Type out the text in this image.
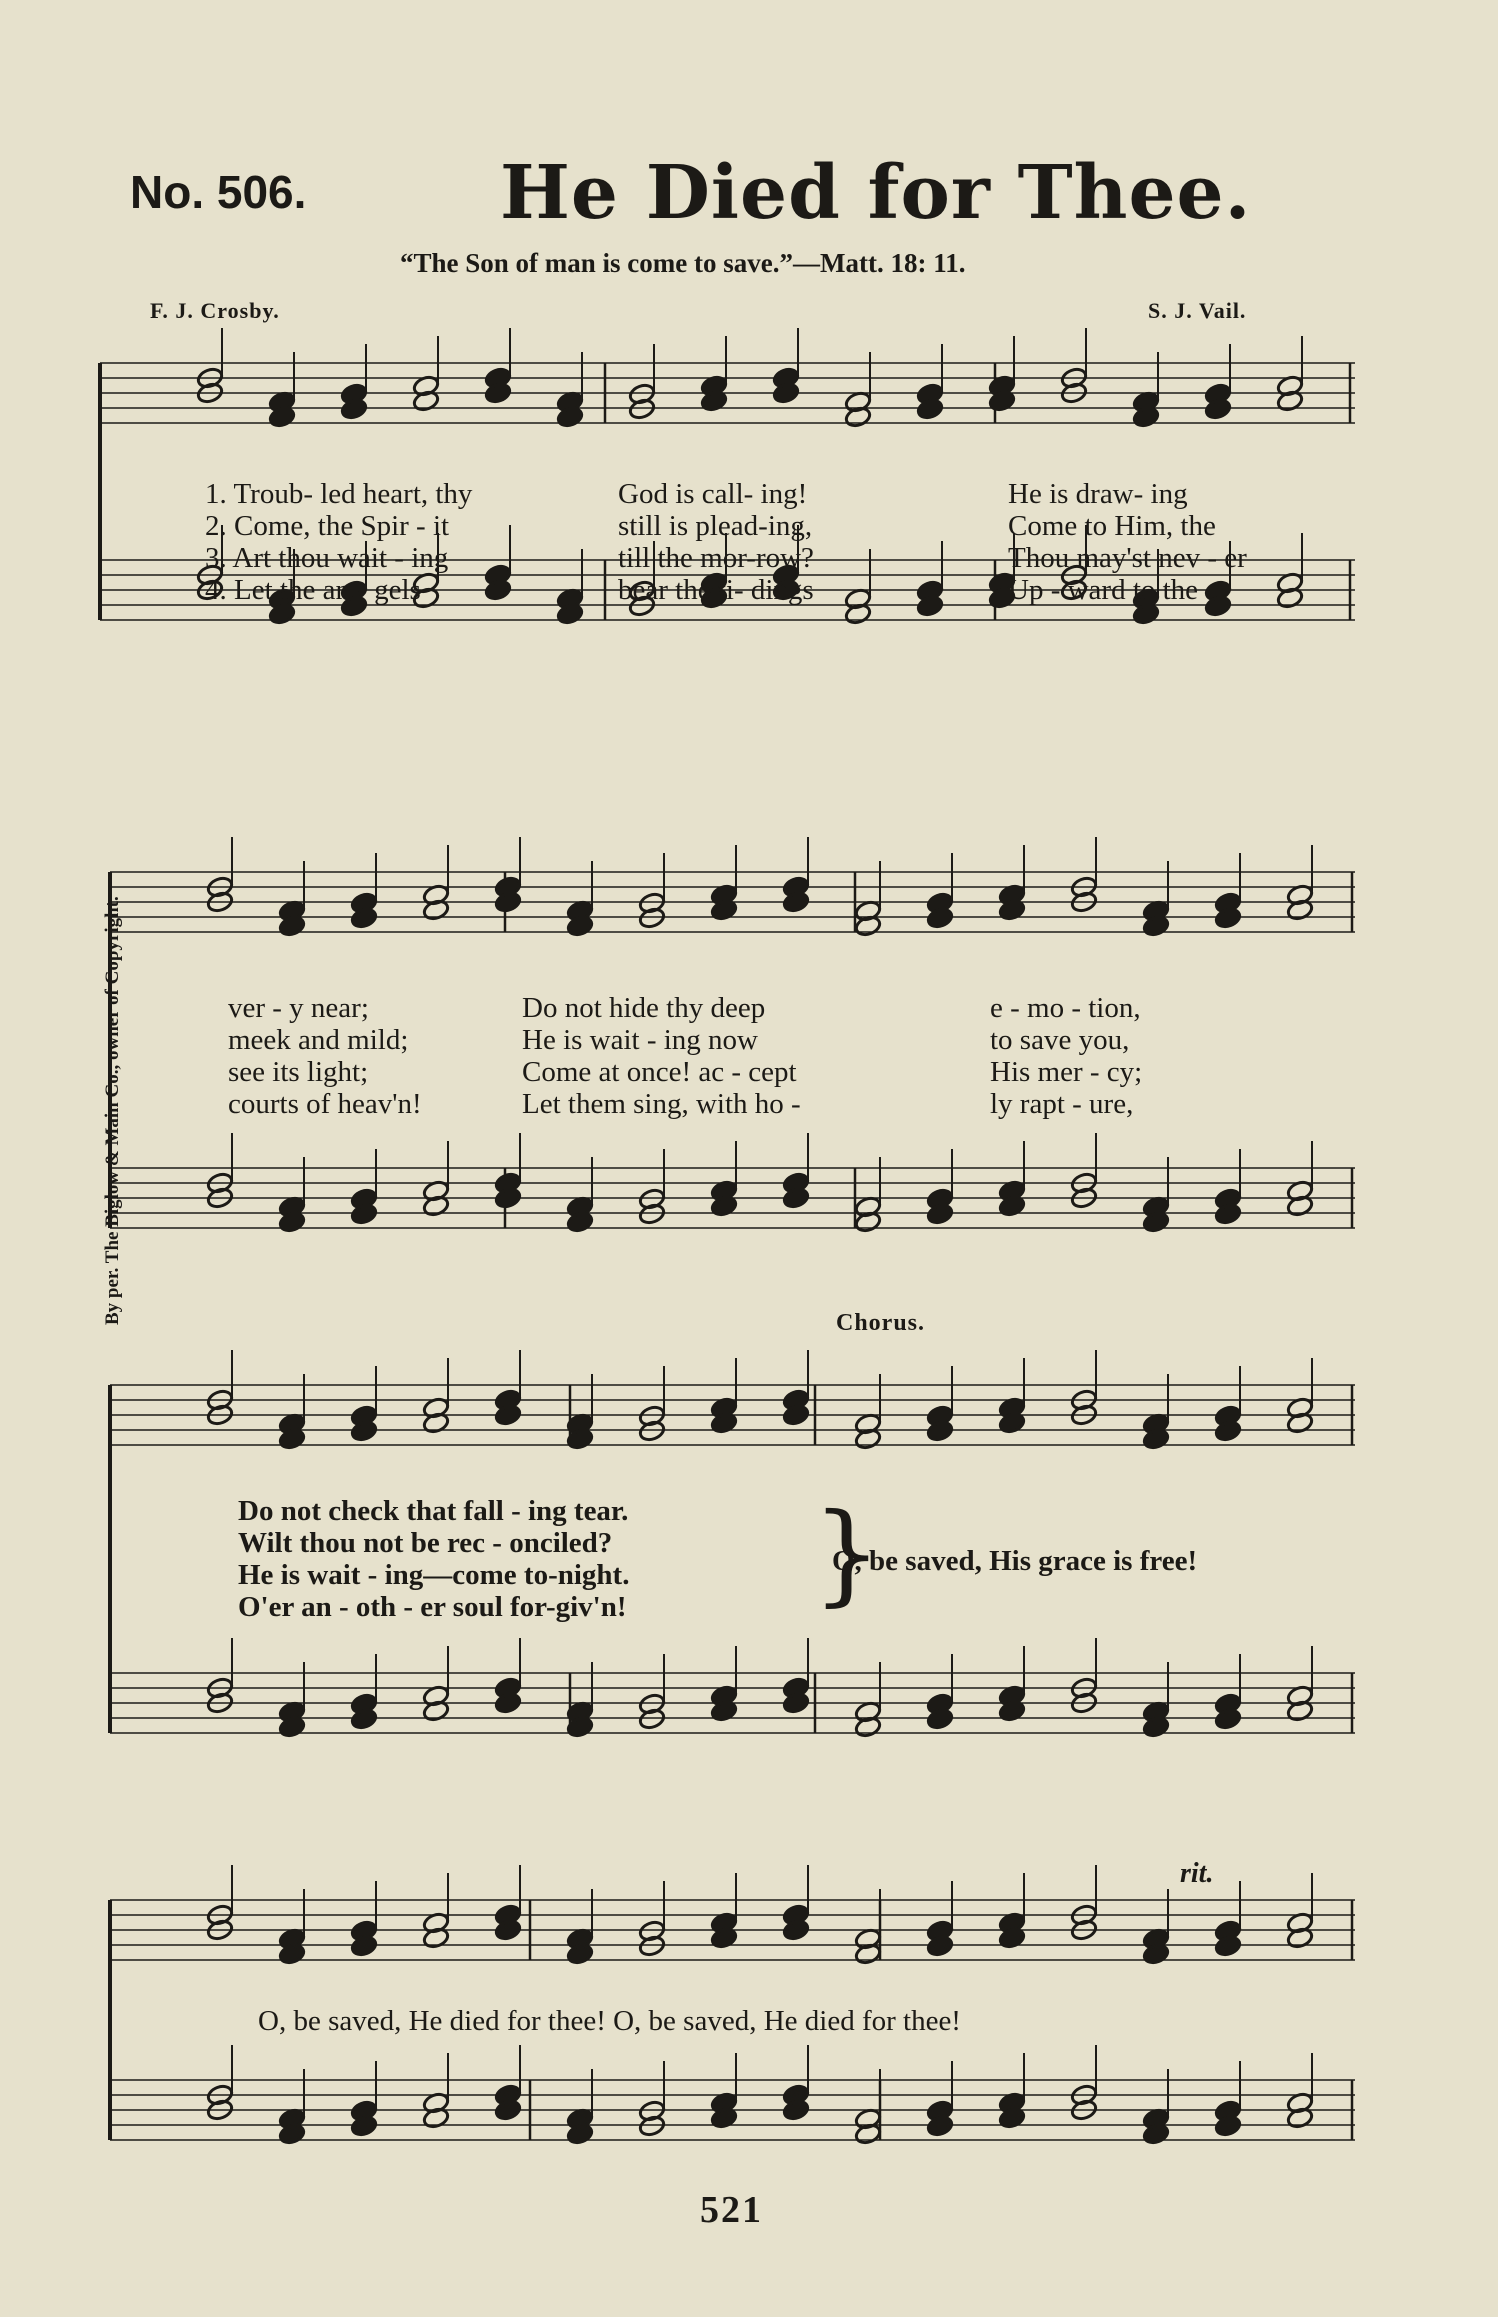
No. 506.	He Died for Thee.
“The Son of man is come to save.”—Matt. 18: 11.
F. J. Crosby.	S. J. Vail.
By per. The Biglow & Main Co., owner of Copyright.
1. Troub- led heart, thy
2. Come, the Spir - it
3. Art thou wait - ing
4. Let the an - gels
God is call- ing!
still is plead-ing,
till the mor-row?
bear the ti- dings
He is draw- ing
Come to Him, the
Thou may'st nev - er
Up - ward to the
ver - y near;
meek and mild;
see its light;
courts of heav'n!
Do not hide thy deep
He is wait - ing now
Come at once! ac - cept
Let them sing, with ho -
e - mo - tion,
to save you,
His mer - cy;
ly rapt - ure,
Chorus.
Do not check that fall - ing tear.
Wilt thou not be rec - onciled?
He is wait - ing—come to-night.
O'er an - oth - er soul for-giv'n! }
O, be saved, His grace is free!
rit.
O, be saved, He died for thee! O, be saved, He died for thee!
521
